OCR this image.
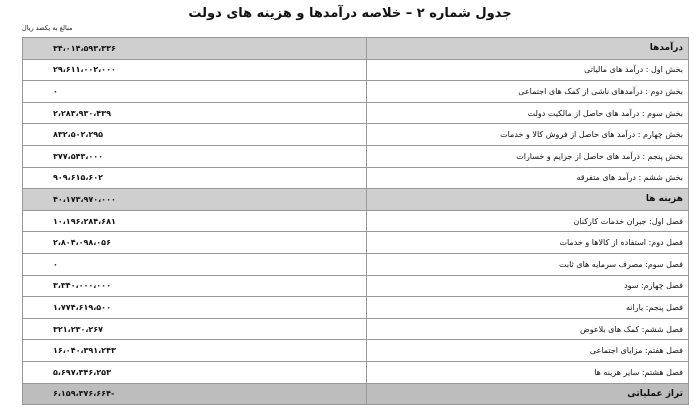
جدول شماره ۲ – خلاصه درآمدها و هزینه های دولت
مبالغ به یکصد ریال
درآمدها	۳۴،۰۱۴،۵۹۳،۳۳۶
بخش اول : درآمد های مالیاتی	۲۹،۶۱۱،۰۰۲،۰۰۰
بخش دوم : درآمدهای ناشی از کمک های اجتماعی	۰
بخش سوم : درآمد های حاصل از مالکیت دولت	۲،۲۸۳،۹۳۰،۴۳۹
بخش چهارم : درآمد های حاصل از فروش کالا و خدمات	۸۳۲،۵۰۲،۲۹۵
بخش پنجم : درآمد های حاصل از جرایم و خسارات	۳۷۷،۵۴۳،۰۰۰
بخش ششم : درآمد های متفرقه	۹۰۹،۶۱۵،۶۰۲
هزینه ها	۴۰،۱۷۳،۹۷۰،۰۰۰
فصل اول: جبران خدمات کارکنان	۱۰،۱۹۶،۲۸۴،۶۸۱
فصل دوم: استفاده از کالاها و خدمات	۲،۸۰۴،۰۹۸،۰۵۶
فصل سوم: مصرف سرمایه های ثابت	۰
فصل چهارم: سود	۳،۳۴۰،۰۰۰،۰۰۰
فصل پنجم: یارانه	۱،۷۷۴،۶۱۹،۵۰۰
فصل ششم: کمک های بلاعوض	۳۲۱،۲۳۰،۲۶۷
فصل هفتم: مزایای اجتماعی	۱۶،۰۴۰،۳۹۱،۲۴۳
فصل هشتم: سایر هزینه ها	۵،۶۹۷،۳۴۶،۲۵۳
تراز عملیاتی	-۶،۱۵۹،۳۷۶،۶۶۴
